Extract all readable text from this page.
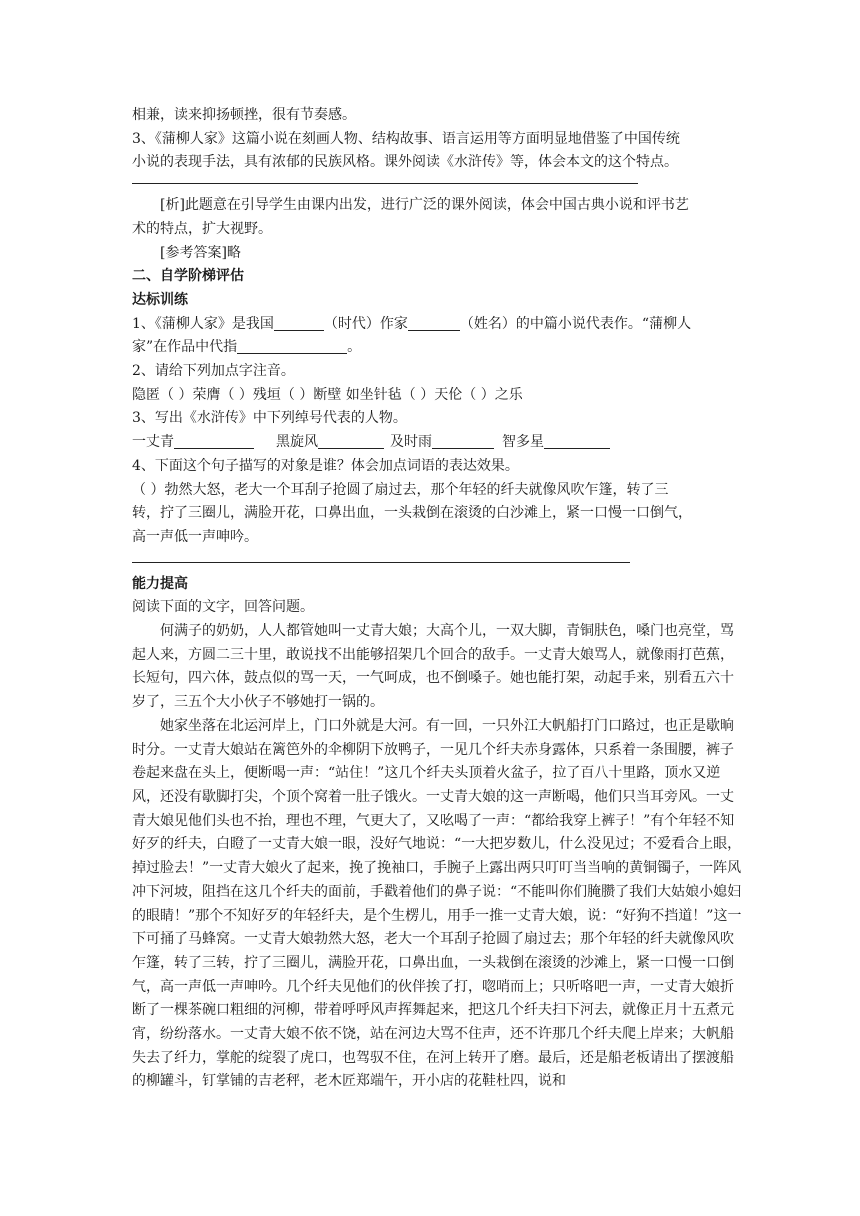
相兼，读来抑扬顿挫，很有节奏感。

3、《蒲柳人家》这篇小说在刻画人物、结构故事、语言运用等方面明显地借鉴了中国传统

小说的表现手法，具有浓郁的民族风格。课外阅读《水浒传》等，体会本文的这个特点。

[析]此题意在引导学生由课内出发，进行广泛的课外阅读，体会中国古典小说和评书艺

术的特点，扩大视野。

[参考答案]略

二、自学阶梯评估

达标训练

1、《蒲柳人家》是我国	（时代）作家	（姓名）的中篇小说代表作。“蒲柳人

家”在作品中代指	。

2、请给下列加点字注音。

隐匿（ ）荣膺（ ）残垣（ ）断壁 如坐针毡（ ）天伦（ ）之乐

3、写出《水浒传》中下列绰号代表的人物。

一丈青	黑旋风	及时雨	智多星

4、下面这个句子描写的对象是谁？体会加点词语的表达效果。

（ ）勃然大怒，老大一个耳刮子抢圆了扇过去，那个年轻的纤夫就像风吹乍篷，转了三

转，拧了三圈儿，满脸开花，口鼻出血，一头栽倒在滚烫的白沙滩上，紧一口慢一口倒气，

高一声低一声呻吟。

能力提高

阅读下面的文字，回答问题。

何满子的奶奶，人人都管她叫一丈青大娘；大高个儿，一双大脚，青铜肤色，嗓门也亮堂，骂起人来，方圆二三十里，敢说找不出能够招架几个回合的敌手。一丈青大娘骂人，就像雨打芭蕉，长短句，四六体，鼓点似的骂一天，一气呵成，也不倒嗓子。她也能打架，动起手来，别看五六十岁了，三五个大小伙子不够她打一锅的。

她家坐落在北运河岸上，门口外就是大河。有一回，一只外江大帆船打门口路过，也正是歇晌时分。一丈青大娘站在篱笆外的伞柳阴下放鸭子，一见几个纤夫赤身露体，只系着一条围腰，裤子卷起来盘在头上，便断喝一声：“站住！”这几个纤夫头顶着火盆子，拉了百八十里路，顶水又逆风，还没有歇脚打尖，个顶个窝着一肚子饿火。一丈青大娘的这一声断喝，他们只当耳旁风。一丈青大娘见他们头也不抬，理也不理，气更大了，又吆喝了一声：“都给我穿上裤子！”有个年轻不知好歹的纤夫，白瞪了一丈青大娘一眼，没好气地说：“一大把岁数儿，什么没见过；不爱看合上眼，掉过脸去！”一丈青大娘火了起来，挽了挽袖口，手腕子上露出两只叮叮当当响的黄铜镯子，一阵风冲下河坡，阻挡在这几个纤夫的面前，手戳着他们的鼻子说：“不能叫你们腌臜了我们大姑娘小媳妇的眼睛！”那个不知好歹的年轻纤夫，是个生楞儿，用手一推一丈青大娘，说：“好狗不挡道！”这一下可捅了马蜂窝。一丈青大娘勃然大怒，老大一个耳刮子抢圆了扇过去；那个年轻的纤夫就像风吹乍篷，转了三转，拧了三圈儿，满脸开花，口鼻出血，一头栽倒在滚烫的沙滩上，紧一口慢一口倒气，高一声低一声呻吟。几个纤夫见他们的伙伴挨了打，唿哨而上；只听咯吧一声，一丈青大娘折断了一棵茶碗口粗细的河柳，带着呼呼风声挥舞起来，把这几个纤夫扫下河去，就像正月十五煮元宵，纷纷落水。一丈青大娘不依不饶，站在河边大骂不住声，还不许那几个纤夫爬上岸来；大帆船失去了纤力，掌舵的绽裂了虎口，也驾驭不住，在河上转开了磨。最后，还是船老板请出了摆渡船的柳罐斗，钉掌铺的吉老秤，老木匠郑端午，开小店的花鞋杜四，说和
